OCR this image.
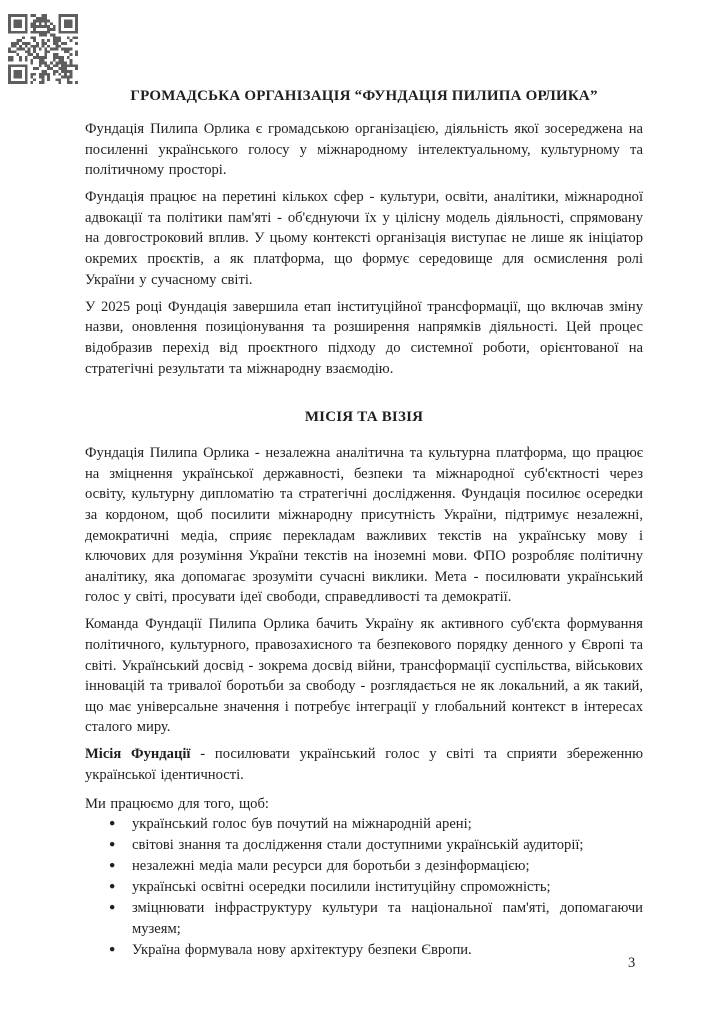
ГРОМАДСЬКА ОРГАНІЗАЦІЯ “ФУНДАЦІЯ ПИЛИПА ОРЛИКА”

Фундація Пилипа Орлика є громадською організацією, діяльність якої зосереджена на посиленні українського голосу у міжнародному інтелектуальному, культурному та політичному просторі.

Фундація працює на перетині кількох сфер - культури, освіти, аналітики, міжнародної адвокації та політики пам'яті - об'єднуючи їх у цілісну модель діяльності, спрямовану на довгостроковий вплив. У цьому контексті організація виступає не лише як ініціатор окремих проєктів, а як платформа, що формує середовище для осмислення ролі України у сучасному світі.

У 2025 році Фундація завершила етап інституційної трансформації, що включав зміну назви, оновлення позиціонування та розширення напрямків діяльності. Цей процес відобразив перехід від проєктного підходу до системної роботи, орієнтованої на стратегічні результати та міжнародну взаємодію.

МІСІЯ ТА ВІЗІЯ

Фундація Пилипа Орлика - незалежна аналітична та культурна платформа, що працює на зміцнення української державності, безпеки та міжнародної суб'єктності через освіту, культурну дипломатію та стратегічні дослідження. Фундація посилює осередки за кордоном, щоб посилити міжнародну присутність України, підтримує незалежні, демократичні медіа, сприяє перекладам важливих текстів на українську мову і ключових для розуміння України текстів на іноземні мови. ФПО розробляє політичну аналітику, яка допомагає зрозуміти сучасні виклики. Мета - посилювати український голос у світі, просувати ідеї свободи, справедливості та демократії.

Команда Фундації Пилипа Орлика бачить Україну як активного суб'єкта формування політичного, культурного, правозахисного та безпекового порядку денного у Європі та світі. Український досвід - зокрема досвід війни, трансформації суспільства, військових інновацій та тривалої боротьби за свободу - розглядається не як локальний, а як такий, що має універсальне значення і потребує інтеграції у глобальний контекст в інтересах сталого миру.

Місія Фундації - посилювати український голос у світі та сприяти збереженню української ідентичності.

Ми працюємо для того, щоб:

● український голос був почутий на міжнародній арені;
● світові знання та дослідження стали доступними українській аудиторії;
● незалежні медіа мали ресурси для боротьби з дезінформацією;
● українські освітні осередки посилили інституційну спроможність;
● зміцнювати інфраструктуру культури та національної пам'яті, допомагаючи музеям;
● Україна формувала нову архітектуру безпеки Європи.
3
